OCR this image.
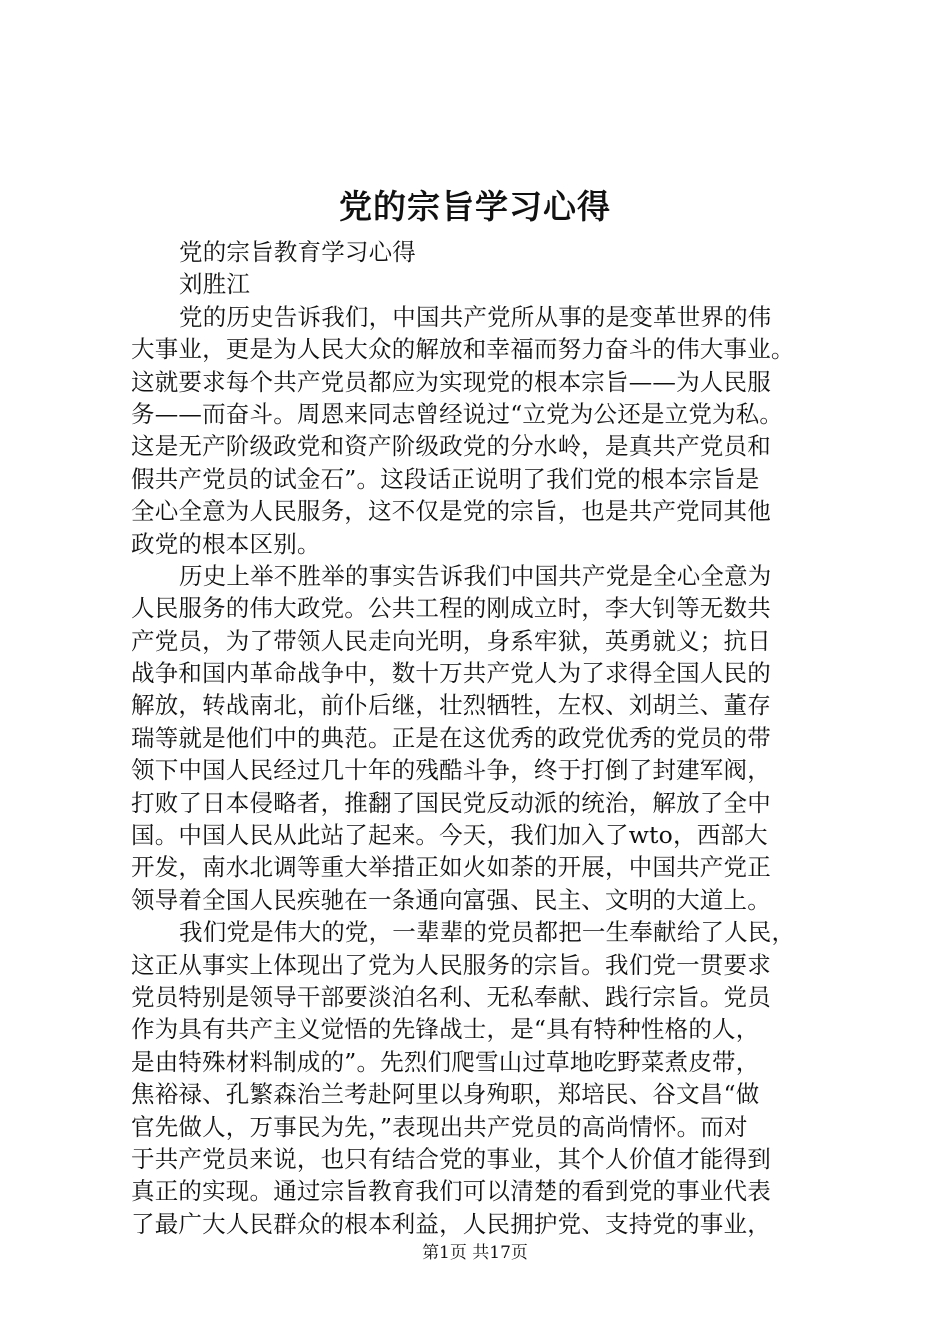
党的宗旨学习心得
党的宗旨教育学习心得
刘胜江
党的历史告诉我们，中国共产党所从事的是变革世界的伟
大事业，更是为人民大众的解放和幸福而努力奋斗的伟大事业。
这就要求每个共产党员都应为实现党的根本宗旨——为人民服
务——而奋斗。周恩来同志曾经说过“立党为公还是立党为私。
这是无产阶级政党和资产阶级政党的分水岭，是真共产党员和
假共产党员的试金石”。这段话正说明了我们党的根本宗旨是
全心全意为人民服务，这不仅是党的宗旨，也是共产党同其他
政党的根本区别。
历史上举不胜举的事实告诉我们中国共产党是全心全意为
人民服务的伟大政党。公共工程的刚成立时，李大钊等无数共
产党员，为了带领人民走向光明，身系牢狱，英勇就义；抗日
战争和国内革命战争中，数十万共产党人为了求得全国人民的
解放，转战南北，前仆后继，壮烈牺牲，左权、刘胡兰、董存
瑞等就是他们中的典范。正是在这优秀的政党优秀的党员的带
领下中国人民经过几十年的残酷斗争，终于打倒了封建军阀，
打败了日本侵略者，推翻了国民党反动派的统治，解放了全中
国。中国人民从此站了起来。今天，我们加入了wto，西部大
开发，南水北调等重大举措正如火如荼的开展，中国共产党正
领导着全国人民疾驰在一条通向富强、民主、文明的大道上。
我们党是伟大的党，一辈辈的党员都把一生奉献给了人民，
这正从事实上体现出了党为人民服务的宗旨。我们党一贯要求
党员特别是领导干部要淡泊名利、无私奉献、践行宗旨。党员
作为具有共产主义觉悟的先锋战士，是“具有特种性格的人，
是由特殊材料制成的”。先烈们爬雪山过草地吃野菜煮皮带，
焦裕禄、孔繁森治兰考赴阿里以身殉职，郑培民、谷文昌“做
官先做人，万事民为先，”表现出共产党员的高尚情怀。而对
于共产党员来说，也只有结合党的事业，其个人价值才能得到
真正的实现。通过宗旨教育我们可以清楚的看到党的事业代表
了最广大人民群众的根本利益，人民拥护党、支持党的事业，
第1页 共17页
